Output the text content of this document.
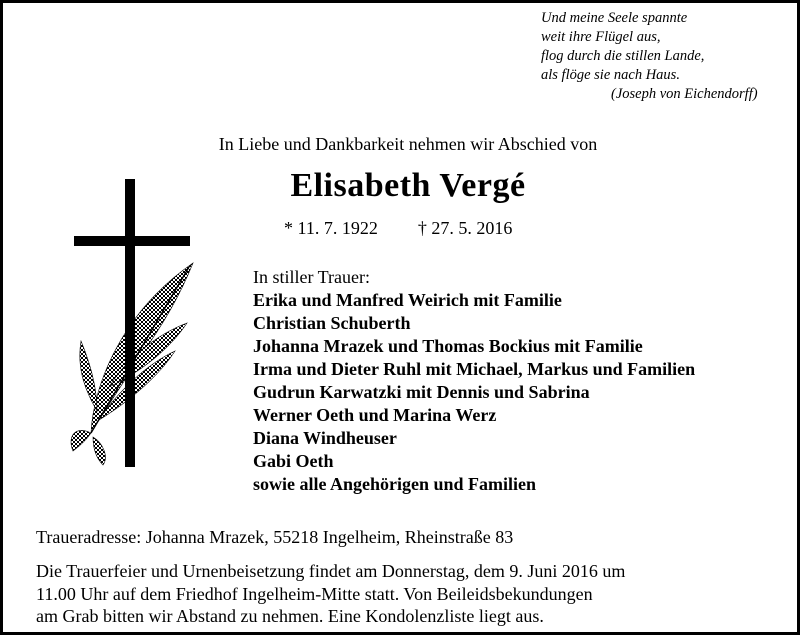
Und meine Seele spannte
weit ihre Flügel aus,
flog durch die stillen Lande,
als flöge sie nach Haus.
(Joseph von Eichendorff)
In Liebe und Dankbarkeit nehmen wir Abschied von
Elisabeth Vergé
* 11. 7. 1922 † 27. 5. 2016
In stiller Trauer:
Erika und Manfred Weirich mit Familie
Christian Schuberth
Johanna Mrazek und Thomas Bockius mit Familie
Irma und Dieter Ruhl mit Michael, Markus und Familien
Gudrun Karwatzki mit Dennis und Sabrina
Werner Oeth und Marina Werz
Diana Windheuser
Gabi Oeth
sowie alle Angehörigen und Familien
Traueradresse: Johanna Mrazek, 55218 Ingelheim, Rheinstraße 83
Die Trauerfeier und Urnenbeisetzung findet am Donnerstag, dem 9. Juni 2016 um
11.00 Uhr auf dem Friedhof Ingelheim-Mitte statt. Von Beileidsbekundungen
am Grab bitten wir Abstand zu nehmen. Eine Kondolenzliste liegt aus.
